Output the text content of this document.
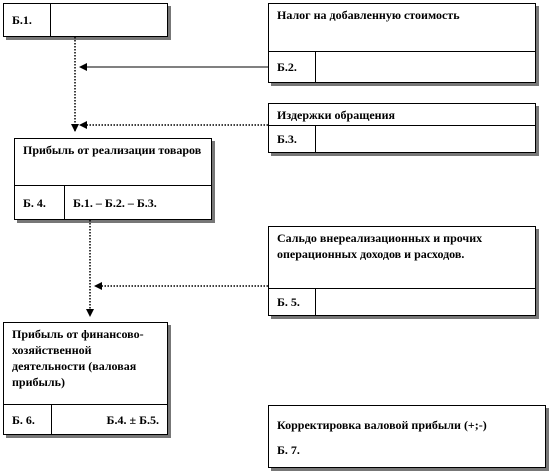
Б.1.	Налог на добавленную стоимость
Б.2.
Издержки обращения
Б.3.
Прибыль от реализации товаров
Б. 4.	Б.1. – Б.2. – Б.3.
Сальдо внереализационных и прочих операционных доходов и расходов.
Б. 5.
Прибыль от финансово-хозяйственной деятельности (валовая прибыль)
Б. 6.	Б.4. ± Б.5.	Корректировка валовой прибыли (+;-)
Б. 7.
